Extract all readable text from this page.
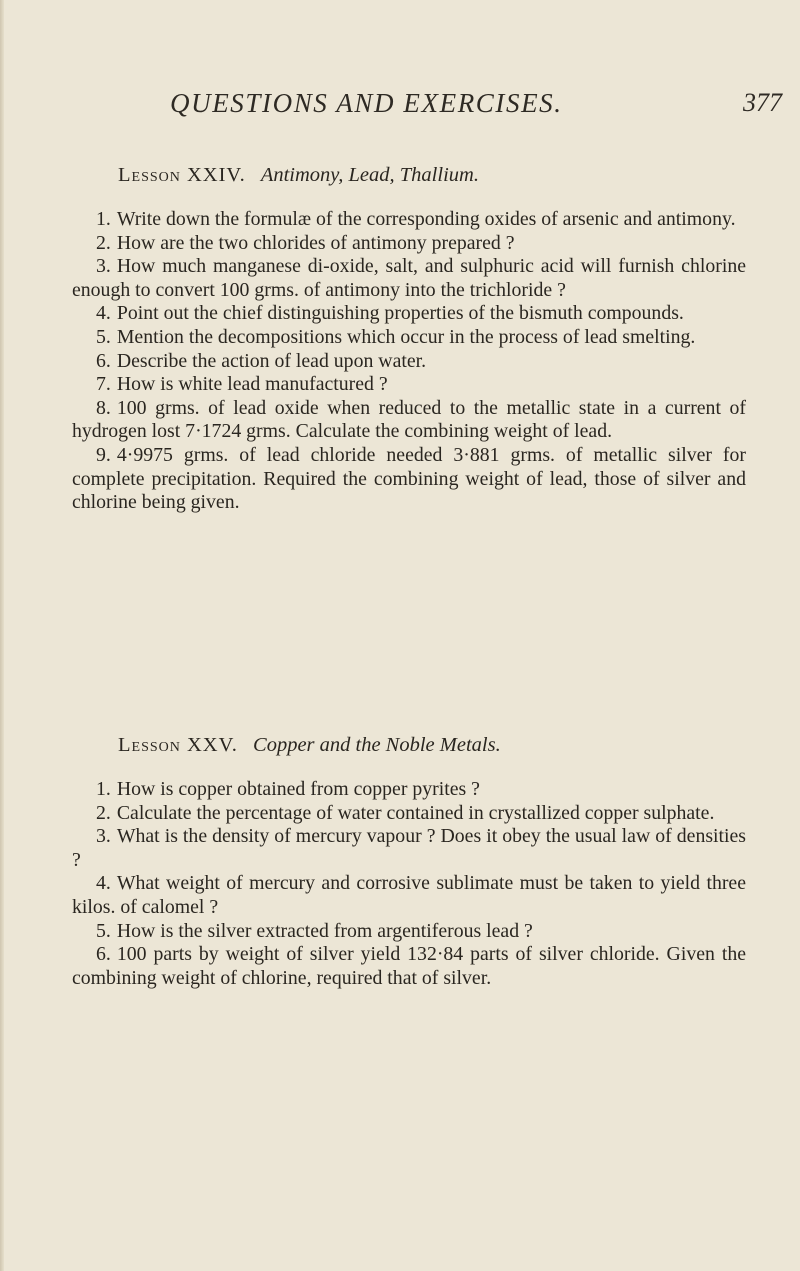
QUESTIONS AND EXERCISES.	377
Lesson XXIV. Antimony, Lead, Thallium.
1. Write down the formulæ of the corresponding oxides of arsenic and antimony.
2. How are the two chlorides of antimony prepared ?
3. How much manganese di-oxide, salt, and sulphuric acid will furnish chlorine enough to convert 100 grms. of antimony into the trichloride ?
4. Point out the chief distinguishing properties of the bismuth compounds.
5. Mention the decompositions which occur in the process of lead smelting.
6. Describe the action of lead upon water.
7. How is white lead manufactured ?
8. 100 grms. of lead oxide when reduced to the metallic state in a current of hydrogen lost 7·1724 grms. Calculate the combining weight of lead.
9. 4·9975 grms. of lead chloride needed 3·881 grms. of metallic silver for complete precipitation. Required the combining weight of lead, those of silver and chlorine being given.
Lesson XXV. Copper and the Noble Metals.
1. How is copper obtained from copper pyrites ?
2. Calculate the percentage of water contained in crystallized copper sulphate.
3. What is the density of mercury vapour ? Does it obey the usual law of densities ?
4. What weight of mercury and corrosive sublimate must be taken to yield three kilos. of calomel ?
5. How is the silver extracted from argentiferous lead ?
6. 100 parts by weight of silver yield 132·84 parts of silver chloride. Given the combining weight of chlorine, required that of silver.
